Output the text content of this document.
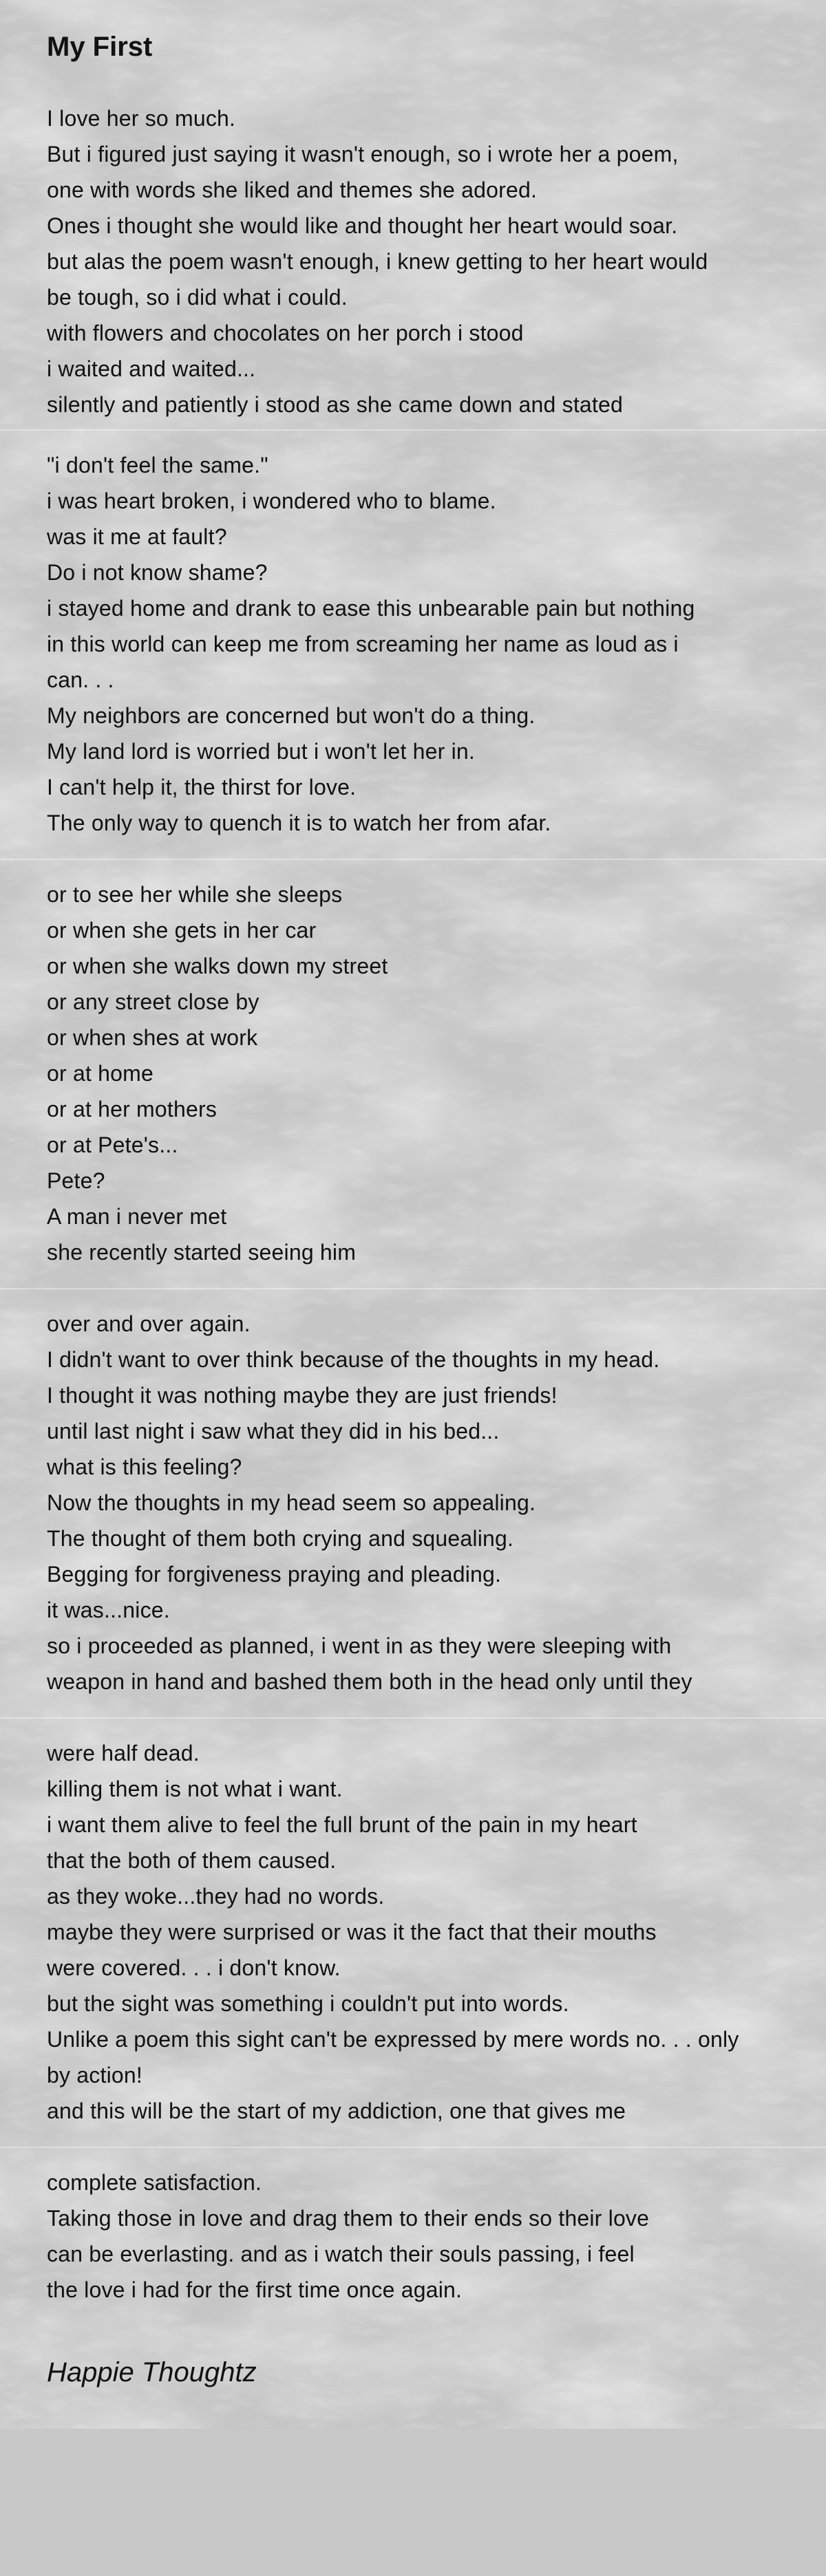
My First
I love her so much.
But i figured just saying it wasn't enough, so i wrote her a poem,
one with words she liked and themes she adored.
Ones i thought she would like and thought her heart would soar.
but alas the poem wasn't enough, i knew getting to her heart would
be tough, so i did what i could.
with flowers and chocolates on her porch i stood
i waited and waited...
silently and patiently i stood as she came down and stated
"i don't feel the same."
i was heart broken, i wondered who to blame.
was it me at fault?
Do i not know shame?
i stayed home and drank to ease this unbearable pain but nothing
in this world can keep me from screaming her name as loud as i
can. . .
My neighbors are concerned but won't do a thing.
My land lord is worried but i won't let her in.
I can't help it, the thirst for love.
The only way to quench it is to watch her from afar.
or to see her while she sleeps
or when she gets in her car
or when she walks down my street
or any street close by
or when shes at work
or at home
or at her mothers
or at Pete's...
Pete?
A man i never met
she recently started seeing him
over and over again.
I didn't want to over think because of the thoughts in my head.
I thought it was nothing maybe they are just friends!
until last night i saw what they did in his bed...
what is this feeling?
Now the thoughts in my head seem so appealing.
The thought of them both crying and squealing.
Begging for forgiveness praying and pleading.
it was...nice.
so i proceeded as planned, i went in as they were sleeping with
weapon in hand and bashed them both in the head only until they
were half dead.
killing them is not what i want.
i want them alive to feel the full brunt of the pain in my heart
that the both of them caused.
as they woke...they had no words.
maybe they were surprised or was it the fact that their mouths
were covered. . . i don't know.
but the sight was something i couldn't put into words.
Unlike a poem this sight can't be expressed by mere words no. . . only
by action!
and this will be the start of my addiction, one that gives me
complete satisfaction.
Taking those in love and drag them to their ends so their love
can be everlasting. and as i watch their souls passing, i feel
the love i had for the first time once again.
Happie Thoughtz
